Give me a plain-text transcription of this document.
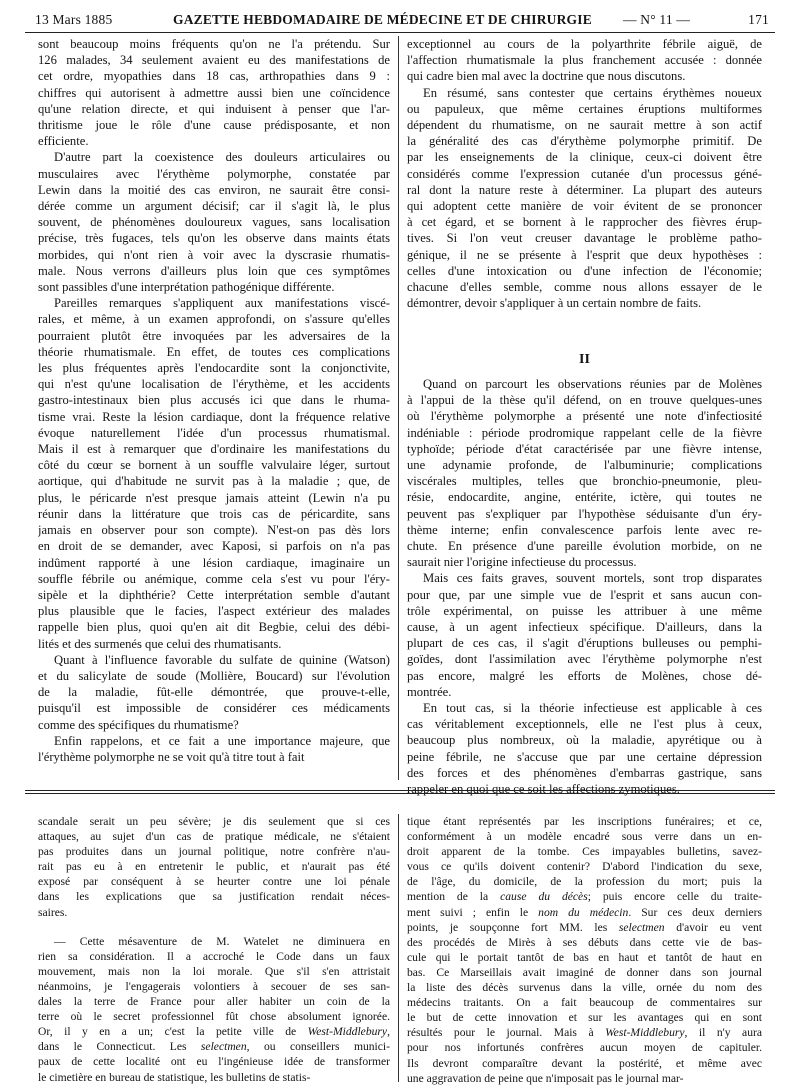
13 Mars 1885	GAZETTE HEBDOMADAIRE DE MÉDECINE ET DE CHIRURGIE — N° 11 —	171

sont beaucoup moins fréquents qu'on ne l'a prétendu. Sur
126 malades, 34 seulement avaient eu des manifestations de
cet ordre, myopathies dans 18 cas, arthropathies dans 9 :
chiffres qui autorisent à admettre aussi bien une coïncidence
qu'une relation directe, et qui induisent à penser que l'ar-
thritisme joue le rôle d'une cause prédisposante, et non
efficiente.

D'autre part la coexistence des douleurs articulaires ou
musculaires avec l'érythème polymorphe, constatée par
Lewin dans la moitié des cas environ, ne saurait être consi-
dérée comme un argument décisif; car il s'agit là, le plus
souvent, de phénomènes douloureux vagues, sans localisation
précise, très fugaces, tels qu'on les observe dans maints états
morbides, qui n'ont rien à voir avec la dyscrasie rhumatis-
male. Nous verrons d'ailleurs plus loin que ces symptômes
sont passibles d'une interprétation pathogénique différente.

Pareilles remarques s'appliquent aux manifestations viscé-
rales, et même, à un examen approfondi, on s'assure qu'elles
pourraient plutôt être invoquées par les adversaires de la
théorie rhumatismale. En effet, de toutes ces complications
les plus fréquentes après l'endocardite sont la conjonctivite,
qui n'est qu'une localisation de l'érythème, et les accidents
gastro-intestinaux bien plus accusés ici que dans le rhuma-
tisme vrai. Reste la lésion cardiaque, dont la fréquence relative
évoque naturellement l'idée d'un processus rhumatismal.
Mais il est à remarquer que d'ordinaire les manifestations du
côté du cœur se bornent à un souffle valvulaire léger, surtout
aortique, qui d'habitude ne survit pas à la maladie ; que, de
plus, le péricarde n'est presque jamais atteint (Lewin n'a pu
réunir dans la littérature que trois cas de péricardite, sans
jamais en observer pour son compte). N'est-on pas dès lors
en droit de se demander, avec Kaposi, si parfois on n'a pas
indûment rapporté à une lésion cardiaque, imaginaire un
souffle fébrile ou anémique, comme cela s'est vu pour l'éry-
sipèle et la diphthérie? Cette interprétation semble d'autant
plus plausible que le facies, l'aspect extérieur des malades
rappelle bien plus, quoi qu'en ait dit Begbie, celui des débi-
lités et des surmenés que celui des rhumatisants.

Quant à l'influence favorable du sulfate de quinine (Watson)
et du salicylate de soude (Mollière, Boucard) sur l'évolution
de la maladie, fût-elle démontrée, que prouve-t-elle,
puisqu'il est impossible de considérer ces médicaments
comme des spécifiques du rhumatisme?

Enfin rappelons, et ce fait a une importance majeure, que
l'érythème polymorphe ne se voit qu'à titre tout à fait

exceptionnel au cours de la polyarthrite fébrile aiguë, de
l'affection rhumatismale la plus franchement accusée : donnée
qui cadre bien mal avec la doctrine que nous discutons.

En résumé, sans contester que certains érythèmes noueux
ou papuleux, que même certaines éruptions multiformes
dépendent du rhumatisme, on ne saurait mettre à son actif
la généralité des cas d'érythème polymorphe primitif. De
par les enseignements de la clinique, ceux-ci doivent être
considérés comme l'expression cutanée d'un processus géné-
ral dont la nature reste à déterminer. La plupart des auteurs
qui adoptent cette manière de voir évitent de se prononcer
à cet égard, et se bornent à le rapprocher des fièvres érup-
tives. Si l'on veut creuser davantage le problème patho-
génique, il ne se présente à l'esprit que deux hypothèses :
celles d'une intoxication ou d'une infection de l'économie;
chacune d'elles semble, comme nous allons essayer de le
démontrer, devoir s'appliquer à un certain nombre de faits.

II

Quand on parcourt les observations réunies par de Molènes
à l'appui de la thèse qu'il défend, on en trouve quelques-unes
où l'érythème polymorphe a présenté une note d'infectiosité
indéniable : période prodromique rappelant celle de la fièvre
typhoïde; période d'état caractérisée par une fièvre intense,
une adynamie profonde, de l'albuminurie; complications
viscérales multiples, telles que bronchio-pneumonie, pleu-
résie, endocardite, angine, entérite, ictère, qui toutes ne
peuvent pas s'expliquer par l'hypothèse séduisante d'un éry-
thème interne; enfin convalescence parfois lente avec re-
chute. En présence d'une pareille évolution morbide, on ne
saurait nier l'origine infectieuse du processus.

Mais ces faits graves, souvent mortels, sont trop disparates
pour que, par une simple vue de l'esprit et sans aucun con-
trôle expérimental, on puisse les attribuer à une même
cause, à un agent infectieux spécifique. D'ailleurs, dans la
plupart de ces cas, il s'agit d'éruptions bulleuses ou pemphi-
goïdes, dont l'assimilation avec l'érythème polymorphe n'est
pas encore, malgré les efforts de Molènes, chose dé-
montrée.

En tout cas, si la théorie infectieuse est applicable à ces
cas véritablement exceptionnels, elle ne l'est plus à ceux,
beaucoup plus nombreux, où la maladie, apyrétique ou à
peine fébrile, ne s'accuse que par une certaine dépression
des forces et des phénomènes d'embarras gastrique, sans

scandale serait un peu sévère; je dis seulement que si ces
attaques, au sujet d'un cas de pratique médicale, ne s'étaient
pas produites dans un journal politique, notre confrère n'au-
rait pas eu à en entretenir le public, et n'aurait pas été
exposé par conséquent à se heurter contre une loi pénale
dans les explications que sa justification rendait néces-
saires.

— Cette mésaventure de M. Watelet ne diminuera en
rien sa considération. Il a accroché le Code dans un faux
mouvement, mais non la loi morale. Que s'il s'en attristait
néanmoins, je l'engagerais volontiers à secouer de ses san-
dales la terre de France pour aller habiter un coin de la
terre où le secret professionnel fût chose absolument ignorée.
Or, il y en a un; c'est la petite ville de West-Middlebury,
dans le Connecticut. Les selectmen, ou conseillers munici-
paux de cette localité ont eu l'ingénieuse idée de transformer
le cimetière en bureau de statistique, les bulletins de statis-

tique étant représentés par les inscriptions funéraires; et ce,
conformément à un modèle encadré sous verre dans un en-
droit apparent de la tombe. Ces impayables bulletins, savez-
vous ce qu'ils doivent contenir? D'abord l'indication du sexe,
de l'âge, du domicile, de la profession du mort; puis la
mention de la cause du décès; puis encore celle du traite-
ment suivi ; enfin le nom du médecin. Sur ces deux derniers
points, je soupçonne fort MM. les selectmen d'avoir eu vent
des procédés de Mirès à ses débuts dans cette vie de bas-
cule qui le portait tantôt de bas en haut et tantôt de haut en
bas. Ce Marseillais avait imaginé de donner dans son journal
la liste des décès survenus dans la ville, ornée du nom des
médecins traitants. On a fait beaucoup de commentaires sur
le but de cette innovation et sur les avantages qui en sont
résultés pour le journal. Mais à West-Middlebury, il n'y aura
pour nos infortunés confrères aucun moyen de capituler.
Ils devront comparaître devant la postérité, et même avec
une aggravation de peine que n'imposait pas le journal mar-
